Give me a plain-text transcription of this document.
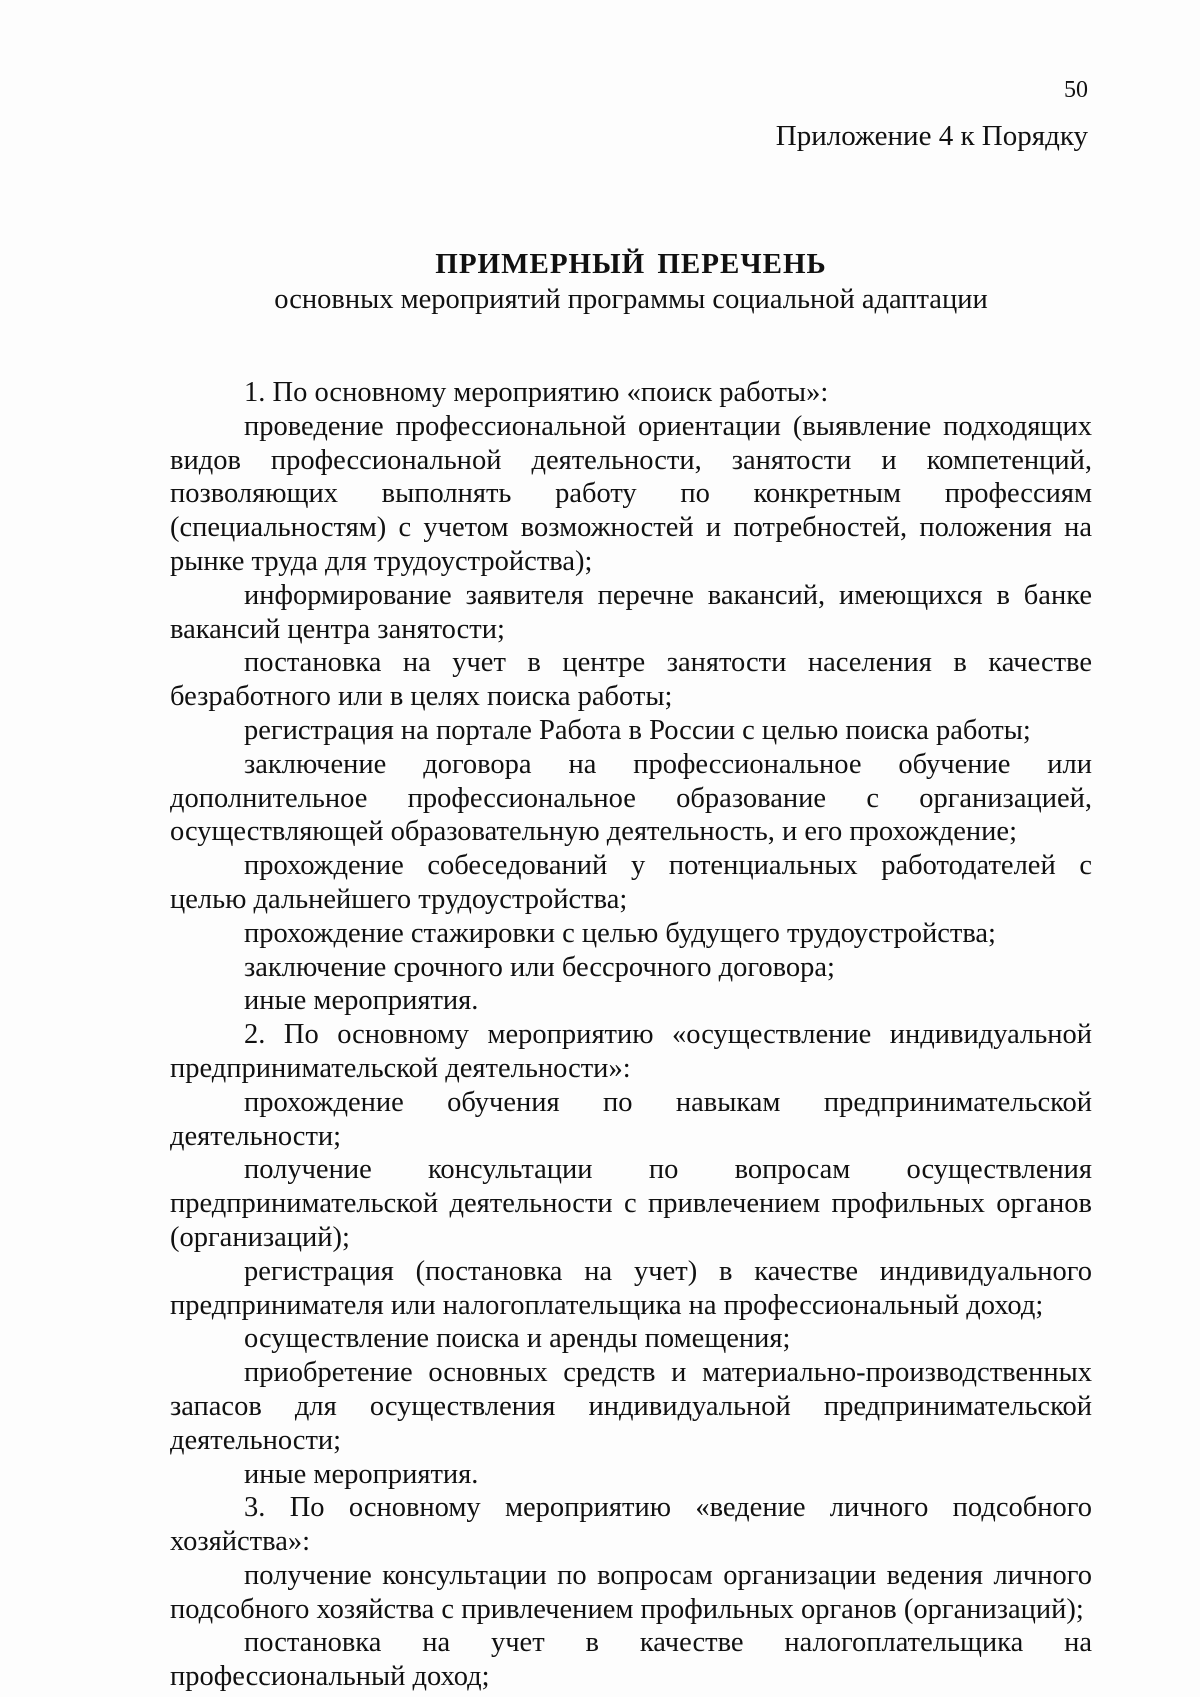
50
Приложение 4 к Порядку
ПРИМЕРНЫЙ ПЕРЕЧЕНЬ
основных мероприятий программы социальной адаптации

1. По основному мероприятию «поиск работы»:

проведение профессиональной ориентации (выявление подходящих видов профессиональной деятельности, занятости и компетенций, позволяющих выполнять работу по конкретным профессиям (специальностям) с учетом возможностей и потребностей, положения на рынке труда для трудоустройства);

информирование заявителя перечне вакансий, имеющихся в банке вакансий центра занятости;

постановка на учет в центре занятости населения в качестве безработного или в целях поиска работы;

регистрация на портале Работа в России с целью поиска работы;

заключение договора на профессиональное обучение или дополнительное профессиональное образование с организацией, осуществляющей образовательную деятельность, и его прохождение;

прохождение собеседований у потенциальных работодателей с целью дальнейшего трудоустройства;

прохождение стажировки с целью будущего трудоустройства;

заключение срочного или бессрочного договора;

иные мероприятия.

2. По основному мероприятию «осуществление индивидуальной предпринимательской деятельности»:

прохождение обучения по навыкам предпринимательской деятельности;

получение консультации по вопросам осуществления предпринимательской деятельности с привлечением профильных органов (организаций);

регистрация (постановка на учет) в качестве индивидуального предпринимателя или налогоплательщика на профессиональный доход;

осуществление поиска и аренды помещения;

приобретение основных средств и материально-производственных запасов для осуществления индивидуальной предпринимательской деятельности;

иные мероприятия.

3. По основному мероприятию «ведение личного подсобного хозяйства»:

получение консультации по вопросам организации ведения личного подсобного хозяйства с привлечением профильных органов (организаций);

постановка на учет в качестве налогоплательщика на профессиональный доход;
